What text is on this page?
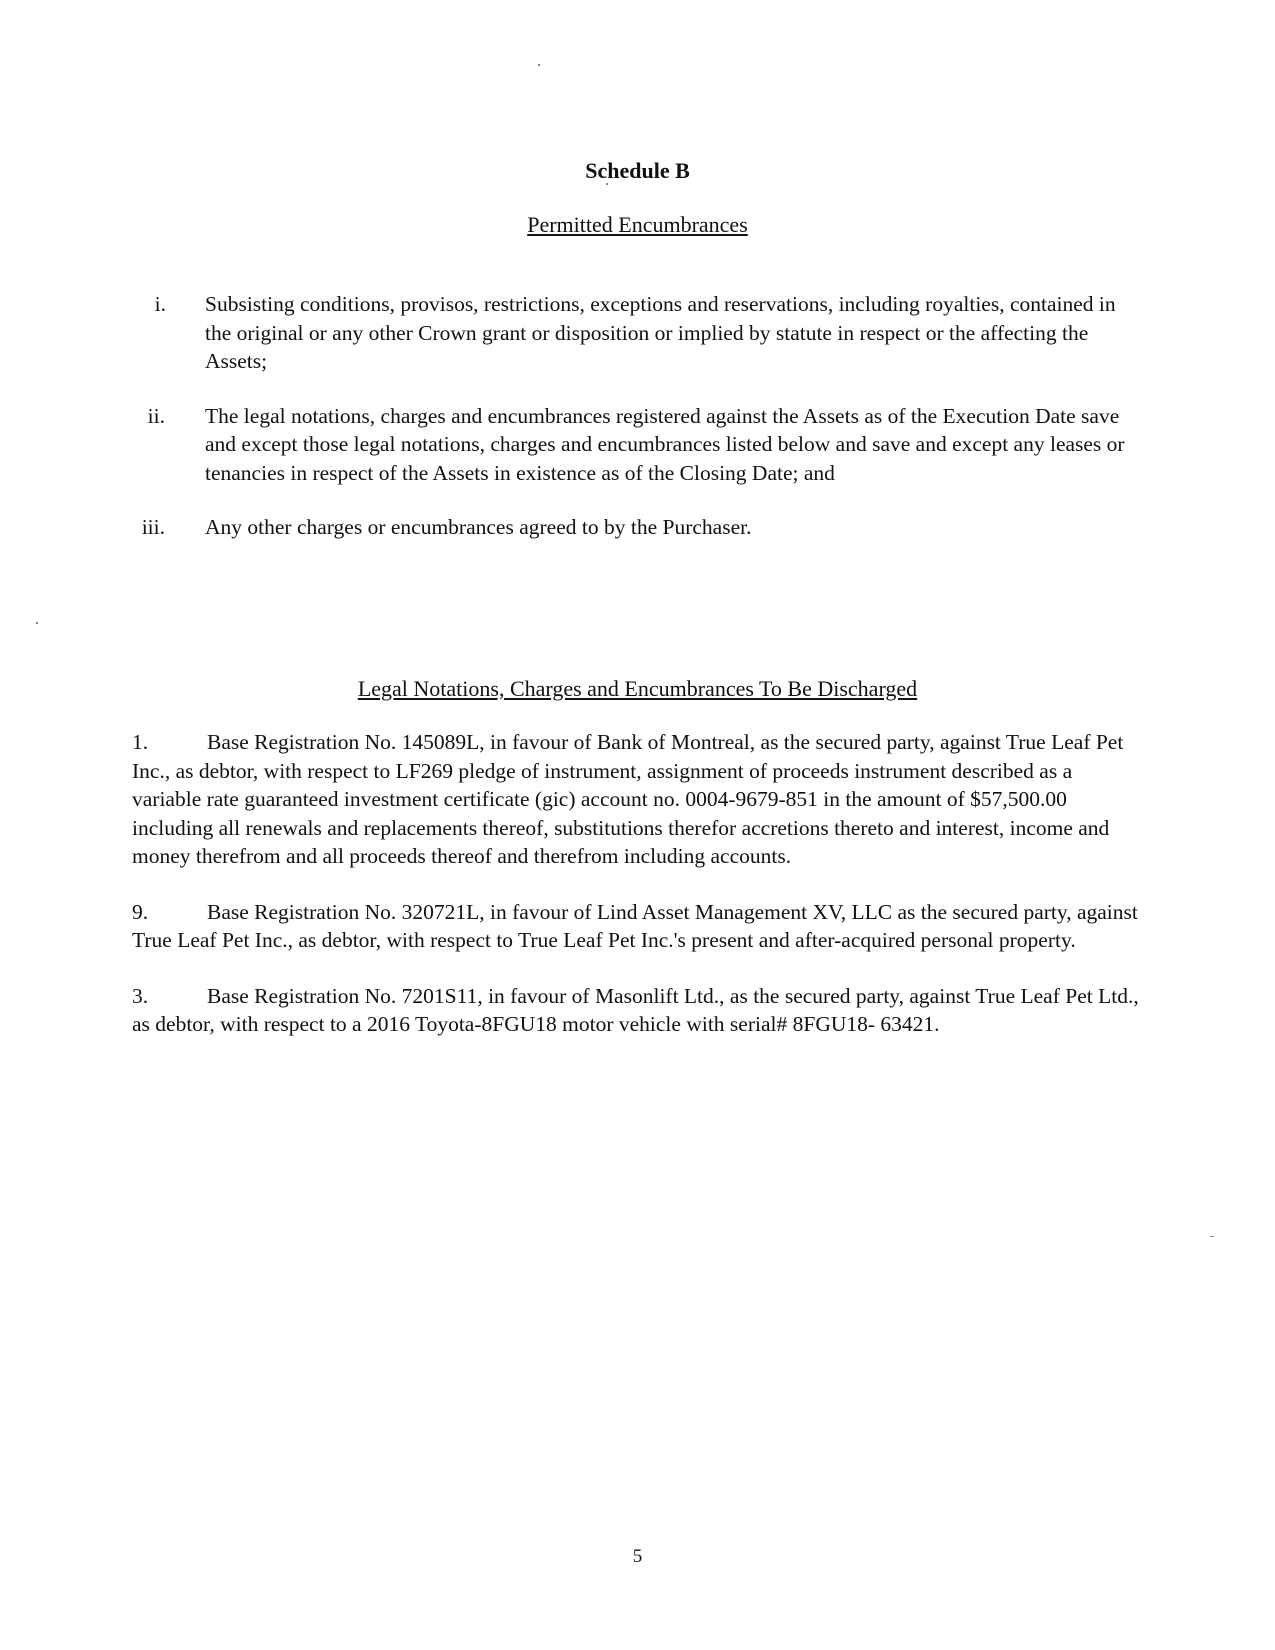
Schedule B
Permitted Encumbrances
i. Subsisting conditions, provisos, restrictions, exceptions and reservations, including royalties, contained in the original or any other Crown grant or disposition or implied by statute in respect or the affecting the Assets;
ii. The legal notations, charges and encumbrances registered against the Assets as of the Execution Date save and except those legal notations, charges and encumbrances listed below and save and except any leases or tenancies in respect of the Assets in existence as of the Closing Date; and
iii. Any other charges or encumbrances agreed to by the Purchaser.
Legal Notations, Charges and Encumbrances To Be Discharged
1.	Base Registration No. 145089L, in favour of Bank of Montreal, as the secured party, against True Leaf Pet Inc., as debtor, with respect to LF269 pledge of instrument, assignment of proceeds instrument described as a variable rate guaranteed investment certificate (gic) account no. 0004-9679-851 in the amount of $57,500.00 including all renewals and replacements thereof, substitutions therefor accretions thereto and interest, income and money therefrom and all proceeds thereof and therefrom including accounts.
9.	Base Registration No. 320721L, in favour of Lind Asset Management XV, LLC as the secured party, against True Leaf Pet Inc., as debtor, with respect to True Leaf Pet Inc.'s present and after-acquired personal property.
3.	Base Registration No. 7201S11, in favour of Masonlift Ltd., as the secured party, against True Leaf Pet Ltd., as debtor, with respect to a 2016 Toyota-8FGU18 motor vehicle with serial# 8FGU18- 63421.
5
